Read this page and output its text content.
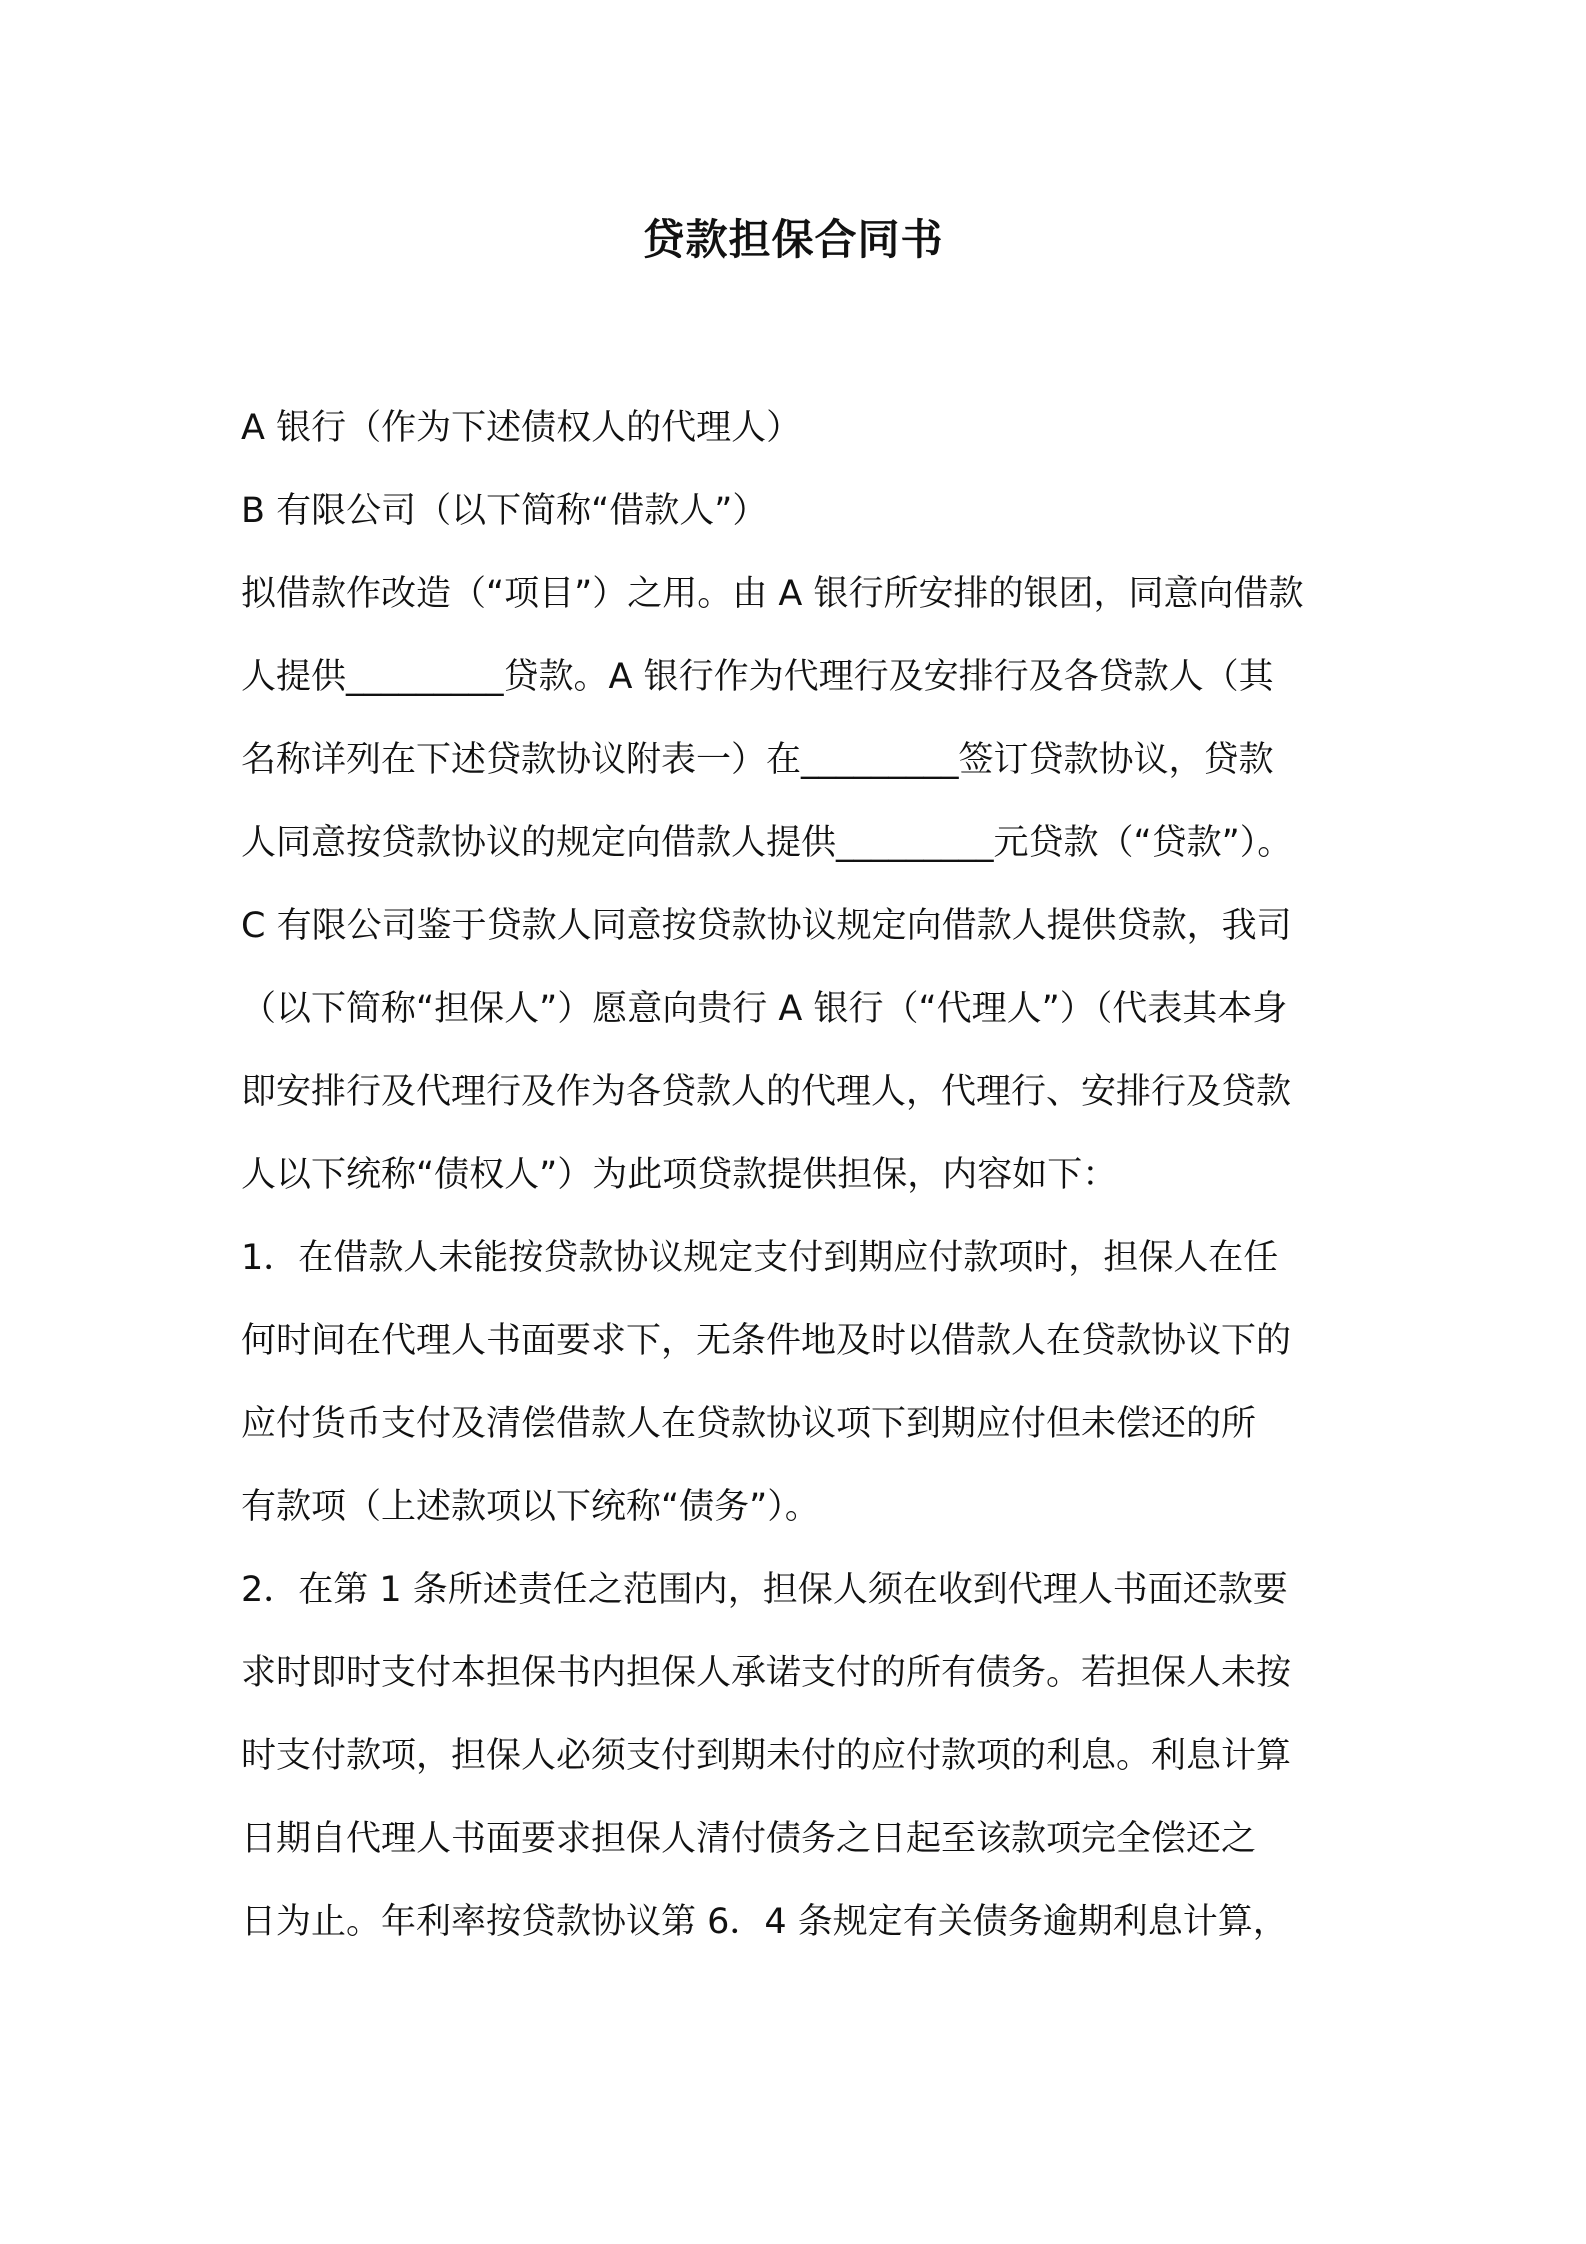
贷款担保合同书

A 银行（作为下述债权人的代理人）

B 有限公司（以下简称“借款人”）

拟借款作改造（“项目”）之用。由 A 银行所安排的银团，同意向借款

人提供_________贷款。A 银行作为代理行及安排行及各贷款人（其

名称详列在下述贷款协议附表一）在_________签订贷款协议，贷款

人同意按贷款协议的规定向借款人提供_________元贷款（“贷款”）。

C 有限公司鉴于贷款人同意按贷款协议规定向借款人提供贷款，我司

（以下简称“担保人”）愿意向贵行 A 银行（“代理人”）（代表其本身

即安排行及代理行及作为各贷款人的代理人，代理行、安排行及贷款

人以下统称“债权人”）为此项贷款提供担保，内容如下：

1．在借款人未能按贷款协议规定支付到期应付款项时，担保人在任

何时间在代理人书面要求下，无条件地及时以借款人在贷款协议下的

应付货币支付及清偿借款人在贷款协议项下到期应付但未偿还的所

有款项（上述款项以下统称“债务”）。

2．在第 1 条所述责任之范围内，担保人须在收到代理人书面还款要

求时即时支付本担保书内担保人承诺支付的所有债务。若担保人未按

时支付款项，担保人必须支付到期未付的应付款项的利息。利息计算

日期自代理人书面要求担保人清付债务之日起至该款项完全偿还之

日为止。年利率按贷款协议第 6．4 条规定有关债务逾期利息计算，
